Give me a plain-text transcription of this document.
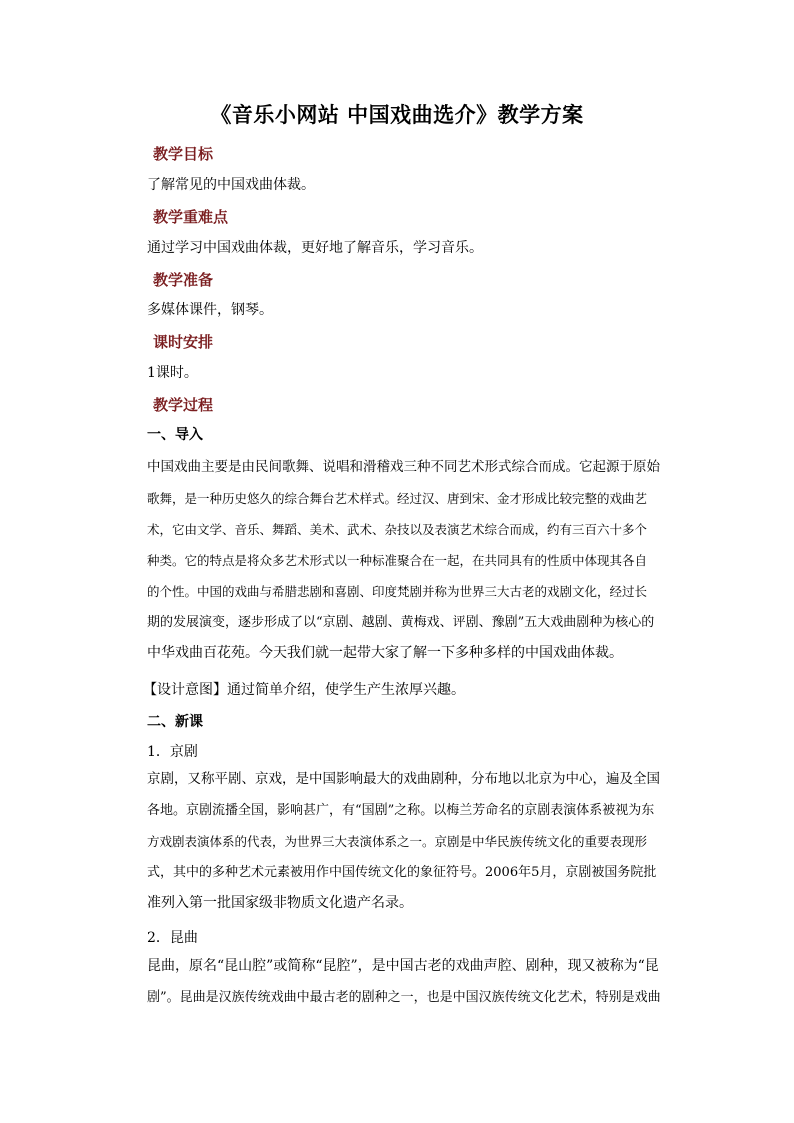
《音乐小网站 中国戏曲选介》教学方案
教学目标
了解常见的中国戏曲体裁。
教学重难点
通过学习中国戏曲体裁，更好地了解音乐，学习音乐。
教学准备
多媒体课件，钢琴。
课时安排
1课时。
教学过程
一、导入
中国戏曲主要是由民间歌舞、说唱和滑稽戏三种不同艺术形式综合而成。它起源于原始
歌舞，是一种历史悠久的综合舞台艺术样式。经过汉、唐到宋、金才形成比较完整的戏曲艺
术，它由文学、音乐、舞蹈、美术、武术、杂技以及表演艺术综合而成，约有三百六十多个
种类。它的特点是将众多艺术形式以一种标准聚合在一起，在共同具有的性质中体现其各自
的个性。中国的戏曲与希腊悲剧和喜剧、印度梵剧并称为世界三大古老的戏剧文化，经过长
期的发展演变，逐步形成了以“京剧、越剧、黄梅戏、评剧、豫剧”五大戏曲剧种为核心的
中华戏曲百花苑。今天我们就一起带大家了解一下多种多样的中国戏曲体裁。
【设计意图】通过简单介绍，使学生产生浓厚兴趣。
二、新课
1．京剧
京剧，又称平剧、京戏，是中国影响最大的戏曲剧种，分布地以北京为中心，遍及全国
各地。京剧流播全国，影响甚广，有“国剧”之称。以梅兰芳命名的京剧表演体系被视为东
方戏剧表演体系的代表，为世界三大表演体系之一。京剧是中华民族传统文化的重要表现形
式，其中的多种艺术元素被用作中国传统文化的象征符号。2006年5月，京剧被国务院批
准列入第一批国家级非物质文化遗产名录。
2．昆曲
昆曲，原名“昆山腔”或简称“昆腔”，是中国古老的戏曲声腔、剧种，现又被称为“昆
剧”。昆曲是汉族传统戏曲中最古老的剧种之一，也是中国汉族传统文化艺术，特别是戏曲
